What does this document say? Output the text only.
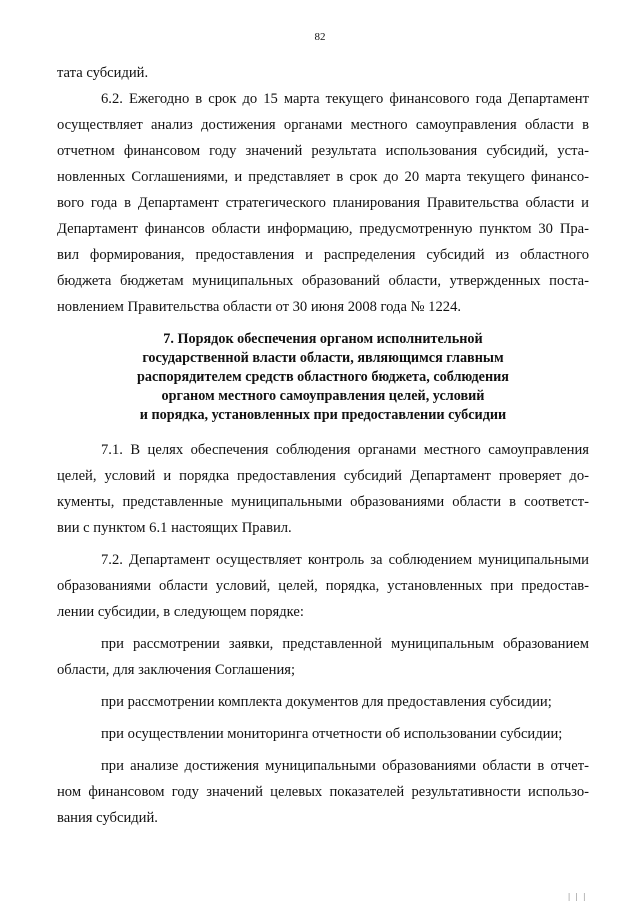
82
тата субсидий.
6.2. Ежегодно в срок до 15 марта текущего финансового года Департамент
осуществляет анализ достижения органами местного самоуправления области в
отчетном финансовом году значений результата использования субсидий, уста-
новленных Соглашениями, и представляет в срок до 20 марта текущего финансо-
вого года в Департамент стратегического планирования Правительства области и
Департамент финансов области информацию, предусмотренную пунктом 30 Пра-
вил формирования, предоставления и распределения субсидий из областного
бюджета бюджетам муниципальных образований области, утвержденных поста-
новлением Правительства области от 30 июня 2008 года № 1224.
7. Порядок обеспечения органом исполнительной
государственной власти области, являющимся главным
распорядителем средств областного бюджета, соблюдения
органом местного самоуправления целей, условий
и порядка, установленных при предоставлении субсидии
7.1. В целях обеспечения соблюдения органами местного самоуправления
целей, условий и порядка предоставления субсидий Департамент проверяет до-
кументы, представленные муниципальными образованиями области в соответст-
вии с пунктом 6.1 настоящих Правил.
7.2. Департамент осуществляет контроль за соблюдением муниципальными
образованиями области условий, целей, порядка, установленных при предостав-
лении субсидии, в следующем порядке:
при рассмотрении заявки, представленной муниципальным образованием
области, для заключения Соглашения;
при рассмотрении комплекта документов для предоставления субсидии;
при осуществлении мониторинга отчетности об использовании субсидии;
при анализе достижения муниципальными образованиями области в отчет-
ном финансовом году значений целевых показателей результативности использо-
вания субсидий.
| | |
